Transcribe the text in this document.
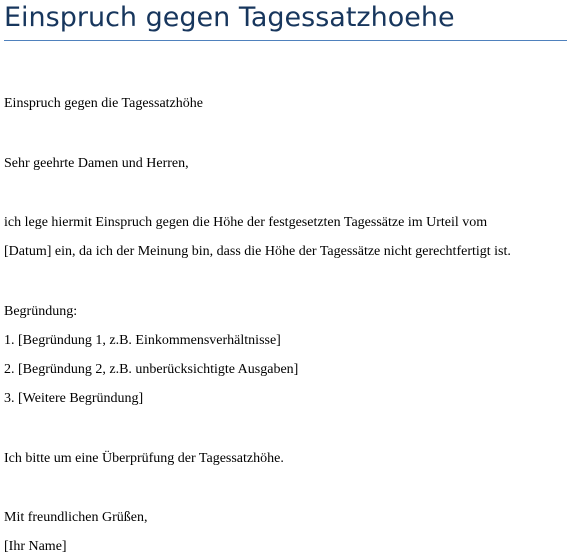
Einspruch gegen Tagessatzhoehe

Einspruch gegen die Tagessatzhöhe

Sehr geehrte Damen und Herren,

ich lege hiermit Einspruch gegen die Höhe der festgesetzten Tagessätze im Urteil vom

[Datum] ein, da ich der Meinung bin, dass die Höhe der Tagessätze nicht gerechtfertigt ist.

Begründung:

1. [Begründung 1, z.B. Einkommensverhältnisse]

2. [Begründung 2, z.B. unberücksichtigte Ausgaben]

3. [Weitere Begründung]

Ich bitte um eine Überprüfung der Tagessatzhöhe.

Mit freundlichen Grüßen,

[Ihr Name]
